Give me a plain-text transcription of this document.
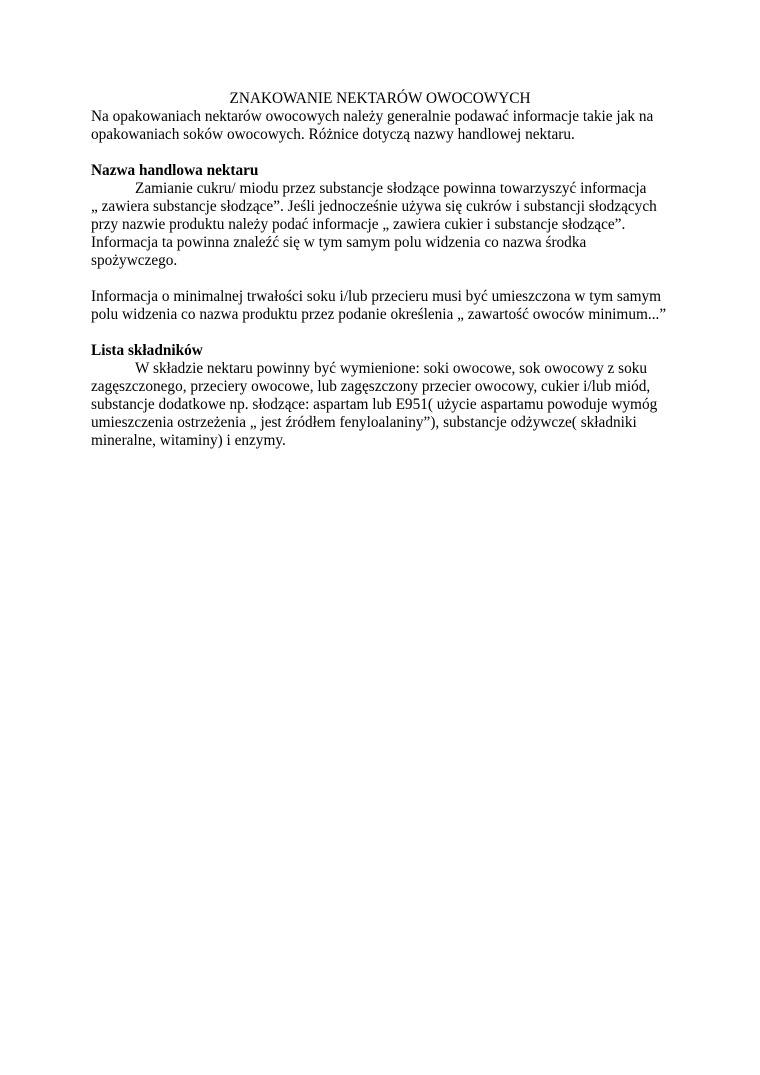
ZNAKOWANIE NEKTARÓW OWOCOWYCH
Na opakowaniach nektarów owocowych należy generalnie podawać informacje takie jak na
opakowaniach soków owocowych. Różnice dotyczą nazwy handlowej nektaru.
Nazwa handlowa nektaru
Zamianie cukru/ miodu przez substancje słodzące powinna towarzyszyć informacja
„ zawiera substancje słodzące”. Jeśli jednocześnie używa się cukrów i substancji słodzących
przy nazwie produktu należy podać informacje „ zawiera cukier i substancje słodzące”.
Informacja ta powinna znaleźć się w tym samym polu widzenia co nazwa środka
spożywczego.
Informacja o minimalnej trwałości soku i/lub przecieru musi być umieszczona w tym samym
polu widzenia co nazwa produktu przez podanie określenia „ zawartość owoców minimum...”
Lista składników
W składzie nektaru powinny być wymienione: soki owocowe, sok owocowy z soku
zagęszczonego, przeciery owocowe, lub zagęszczony przecier owocowy, cukier i/lub miód,
substancje dodatkowe np. słodzące: aspartam lub E951( użycie aspartamu powoduje wymóg
umieszczenia ostrzeżenia „ jest źródłem fenyloalaniny”), substancje odżywcze( składniki
mineralne, witaminy) i enzymy.
